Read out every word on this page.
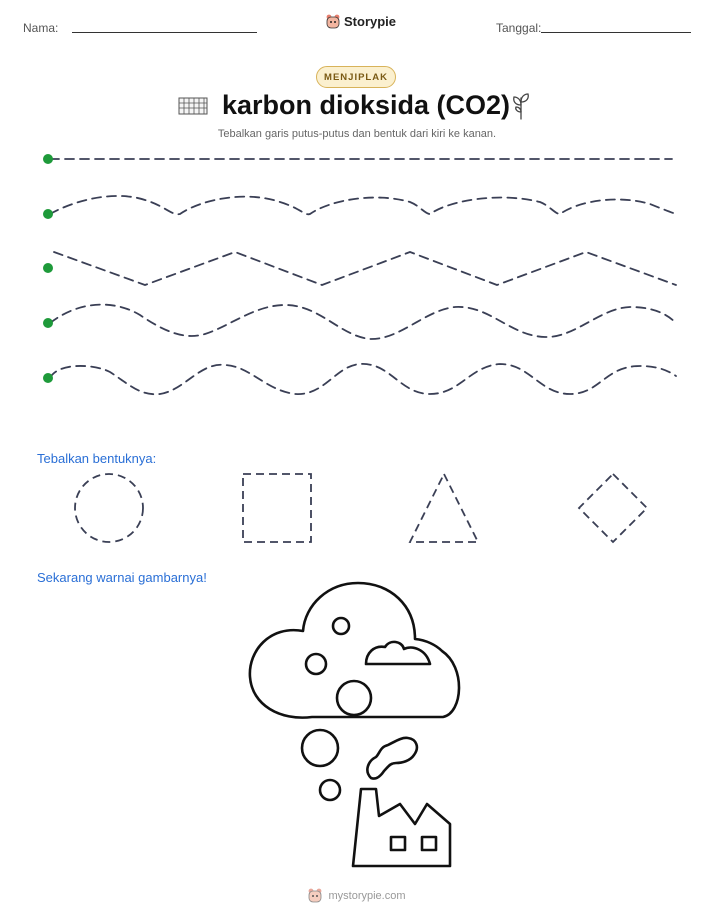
Nama:	Storypie	Tanggal:
MENJIPLAK
karbon dioksida (CO2)
Tebalkan garis putus-putus dan bentuk dari kiri ke kanan.
Tebalkan bentuknya:
Sekarang warnai gambarnya!
mystorypie.com
